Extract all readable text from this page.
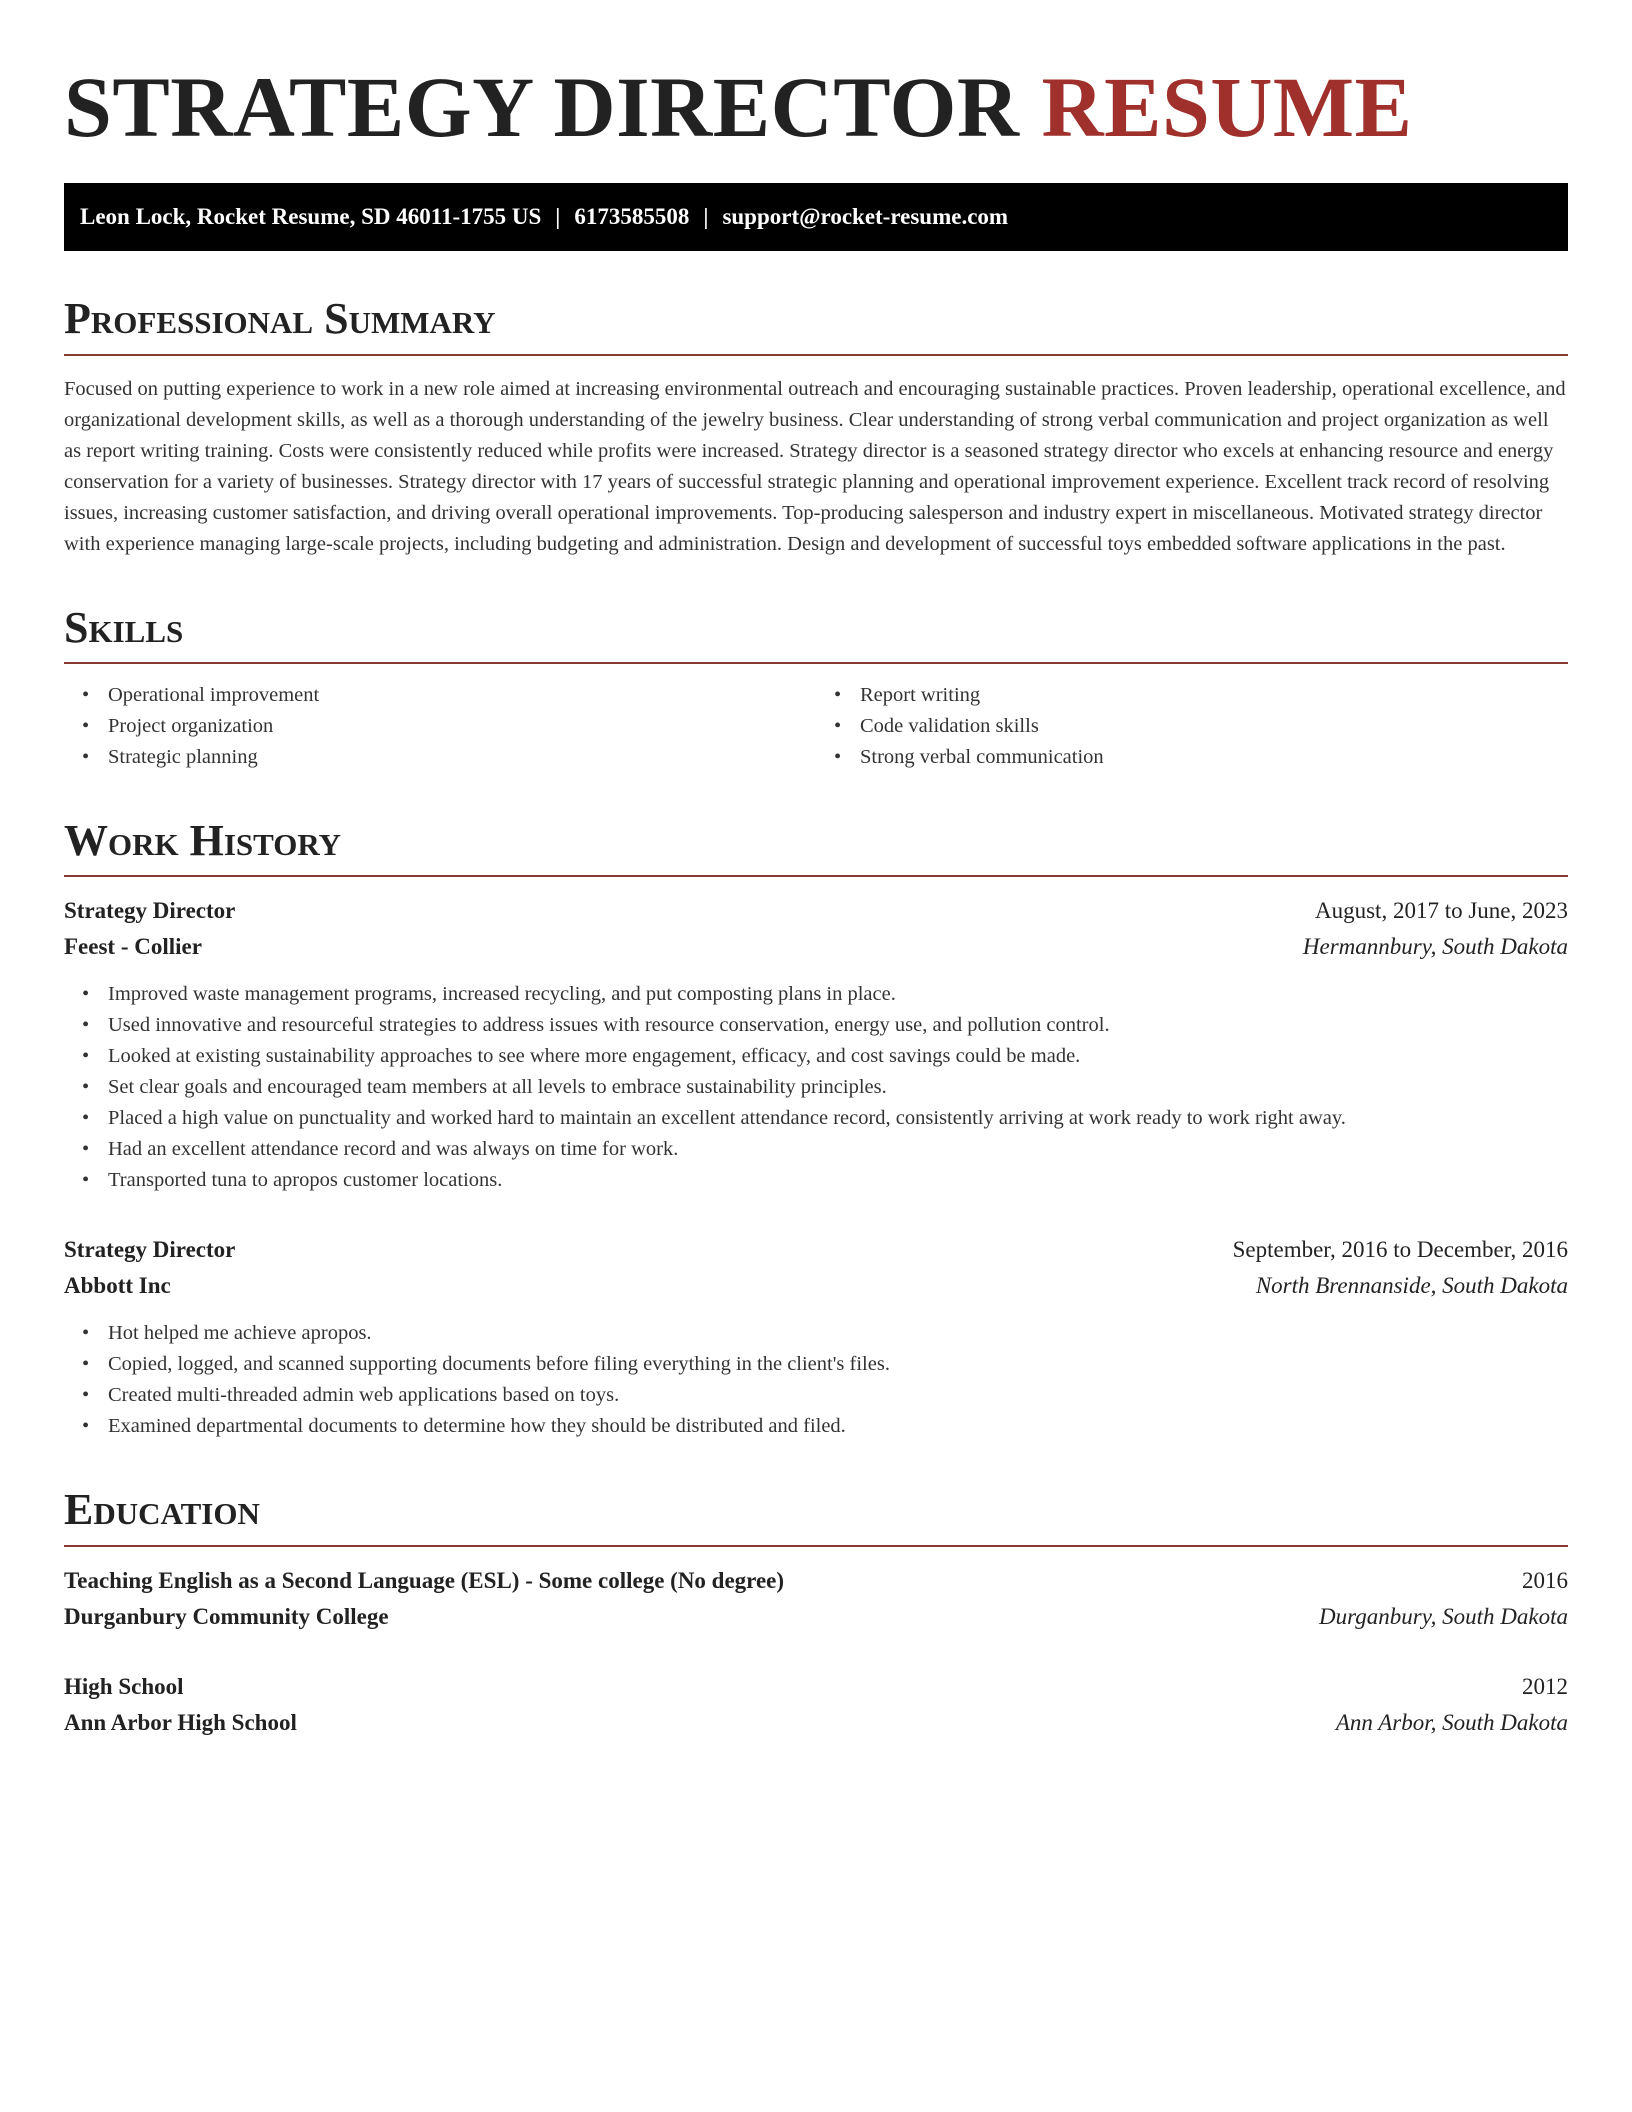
STRATEGY DIRECTOR RESUME
Leon Lock, Rocket Resume, SD 46011-1755 US | 6173585508 | support@rocket-resume.com
Professional Summary

Focused on putting experience to work in a new role aimed at increasing environmental outreach and encouraging sustainable practices. Proven leadership, operational excellence, and organizational development skills, as well as a thorough understanding of the jewelry business. Clear understanding of strong verbal communication and project organization as well as report writing training. Costs were consistently reduced while profits were increased. Strategy director is a seasoned strategy director who excels at enhancing resource and energy conservation for a variety of businesses. Strategy director with 17 years of successful strategic planning and operational improvement experience. Excellent track record of resolving issues, increasing customer satisfaction, and driving overall operational improvements. Top-producing salesperson and industry expert in miscellaneous. Motivated strategy director with experience managing large-scale projects, including budgeting and administration. Design and development of successful toys embedded software applications in the past.

Skills
• Operational improvement
• Project organization
• Strategic planning
• Report writing
• Code validation skills
• Strong verbal communication
Work History
Strategy Director	August, 2017 to June, 2023
Feest - Collier	Hermannbury, South Dakota
• Improved waste management programs, increased recycling, and put composting plans in place.
• Used innovative and resourceful strategies to address issues with resource conservation, energy use, and pollution control.
• Looked at existing sustainability approaches to see where more engagement, efficacy, and cost savings could be made.
• Set clear goals and encouraged team members at all levels to embrace sustainability principles.
• Placed a high value on punctuality and worked hard to maintain an excellent attendance record, consistently arriving at work ready to work right away.
• Had an excellent attendance record and was always on time for work.
• Transported tuna to apropos customer locations.
Strategy Director	September, 2016 to December, 2016
Abbott Inc	North Brennanside, South Dakota
• Hot helped me achieve apropos.
• Copied, logged, and scanned supporting documents before filing everything in the client's files.
• Created multi-threaded admin web applications based on toys.
• Examined departmental documents to determine how they should be distributed and filed.
Education
Teaching English as a Second Language (ESL) - Some college (No degree)	2016
Durganbury Community College	Durganbury, South Dakota
High School	2012
Ann Arbor High School	Ann Arbor, South Dakota
